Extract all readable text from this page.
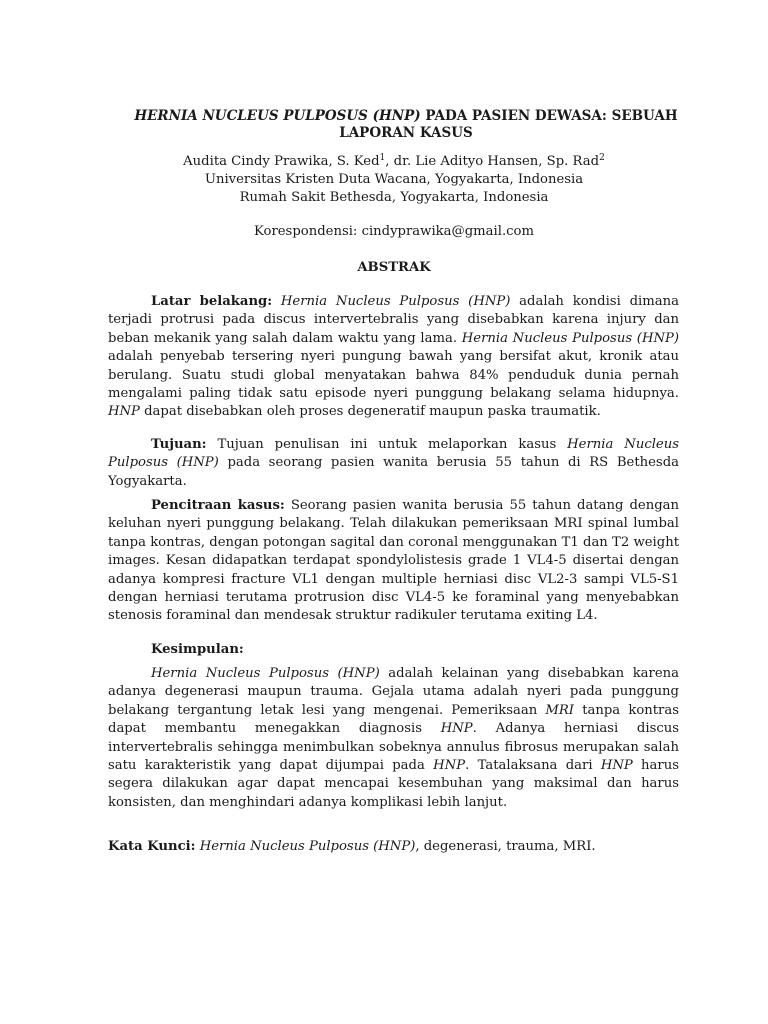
HERNIA NUCLEUS PULPOSUS (HNP) PADA PASIEN DEWASA: SEBUAH LAPORAN KASUS
Audita Cindy Prawika, S. Ked$^1$, dr. Lie Adityo Hansen, Sp. Rad$^2$
Universitas Kristen Duta Wacana, Yogyakarta, Indonesia
Rumah Sakit Bethesda, Yogyakarta, Indonesia
Korespondensi: cindyprawika@gmail.com
ABSTRAK
Latar belakang: Hernia Nucleus Pulposus (HNP) adalah kondisi dimana terjadi protrusi pada discus intervertebralis yang disebabkan karena injury dan beban mekanik yang salah dalam waktu yang lama. Hernia Nucleus Pulposus (HNP) adalah penyebab tersering nyeri pungung bawah yang bersifat akut, kronik atau berulang. Suatu studi global menyatakan bahwa 84% penduduk dunia pernah mengalami paling tidak satu episode nyeri punggung belakang selama hidupnya. HNP dapat disebabkan oleh proses degeneratif maupun paska traumatik.
Tujuan: Tujuan penulisan ini untuk melaporkan kasus Hernia Nucleus Pulposus (HNP) pada seorang pasien wanita berusia 55 tahun di RS Bethesda Yogyakarta.
Pencitraan kasus: Seorang pasien wanita berusia 55 tahun datang dengan keluhan nyeri punggung belakang. Telah dilakukan pemeriksaan MRI spinal lumbal tanpa kontras, dengan potongan sagital dan coronal menggunakan T1 dan T2 weight images. Kesan didapatkan terdapat spondylolistesis grade 1 VL4-5 disertai dengan adanya kompresi fracture VL1 dengan multiple herniasi disc VL2-3 sampi VL5-S1 dengan herniasi terutama protrusion disc VL4-5 ke foraminal yang menyebabkan stenosis foraminal dan mendesak struktur radikuler terutama exiting L4.
Kesimpulan:
Hernia Nucleus Pulposus (HNP) adalah kelainan yang disebabkan karena adanya degenerasi maupun trauma. Gejala utama adalah nyeri pada punggung belakang tergantung letak lesi yang mengenai. Pemeriksaan MRI tanpa kontras dapat membantu menegakkan diagnosis HNP. Adanya herniasi discus intervertebralis sehingga menimbulkan sobeknya annulus fibrosus merupakan salah satu karakteristik yang dapat dijumpai pada HNP. Tatalaksana dari HNP harus segera dilakukan agar dapat mencapai kesembuhan yang maksimal dan harus konsisten, dan menghindari adanya komplikasi lebih lanjut.
Kata Kunci: Hernia Nucleus Pulposus (HNP), degenerasi, trauma, MRI.
